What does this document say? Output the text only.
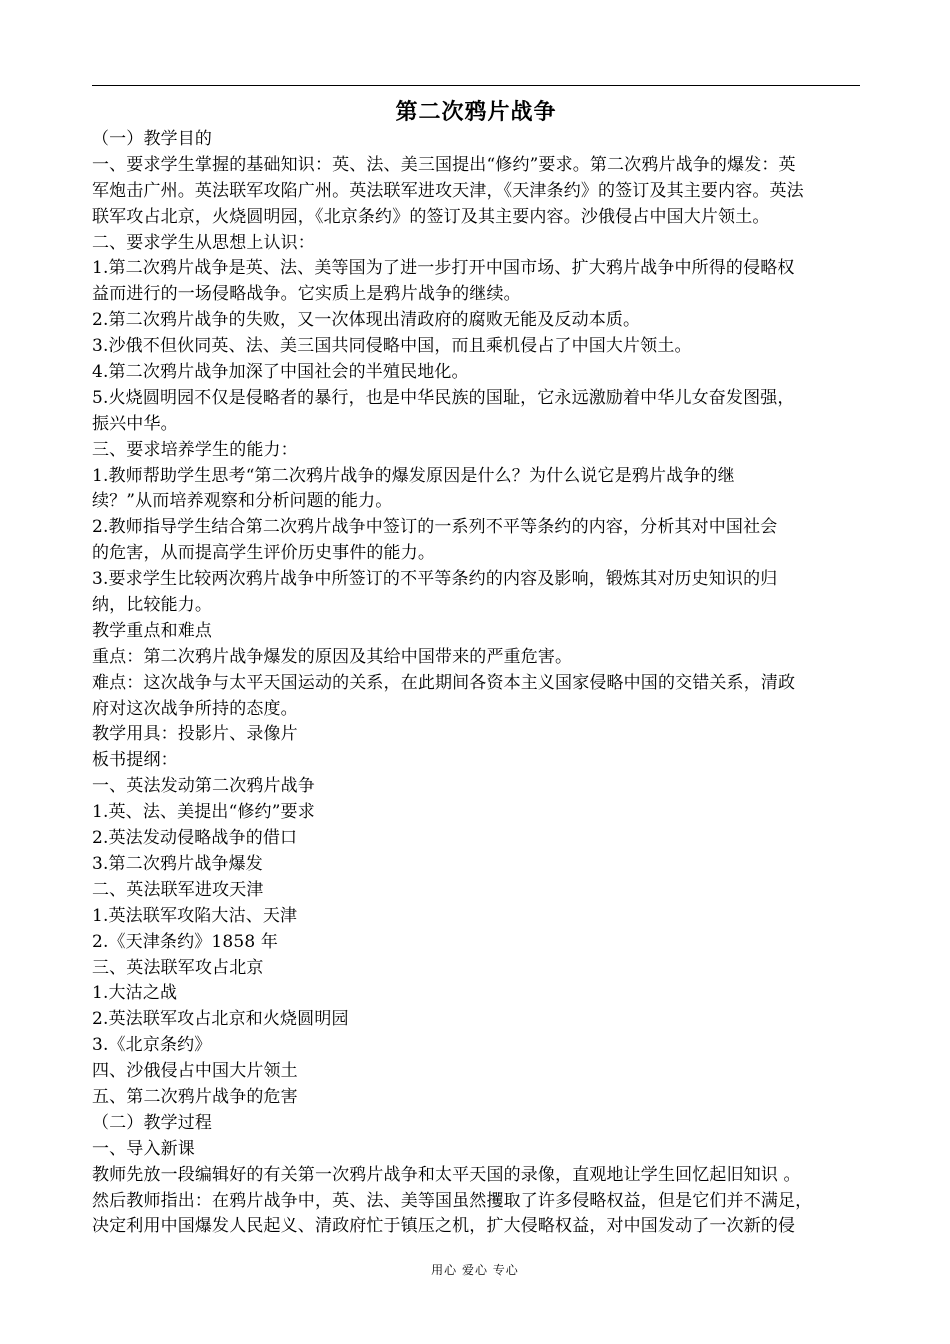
第二次鸦片战争
（一）教学目的
一、要求学生掌握的基础知识：英、法、美三国提出“修约”要求。第二次鸦片战争的爆发：英
军炮击广州。英法联军攻陷广州。英法联军进攻天津，《天津条约》的签订及其主要内容。英法
联军攻占北京，火烧圆明园，《北京条约》的签订及其主要内容。沙俄侵占中国大片领土。
二、要求学生从思想上认识：
1.第二次鸦片战争是英、法、美等国为了进一步打开中国市场、扩大鸦片战争中所得的侵略权
益而进行的一场侵略战争。它实质上是鸦片战争的继续。
2.第二次鸦片战争的失败，又一次体现出清政府的腐败无能及反动本质。
3.沙俄不但伙同英、法、美三国共同侵略中国，而且乘机侵占了中国大片领土。
4.第二次鸦片战争加深了中国社会的半殖民地化。
5.火烧圆明园不仅是侵略者的暴行，也是中华民族的国耻，它永远激励着中华儿女奋发图强，
振兴中华。
三、要求培养学生的能力：
1.教师帮助学生思考“第二次鸦片战争的爆发原因是什么？为什么说它是鸦片战争的继
续？”从而培养观察和分析问题的能力。
2.教师指导学生结合第二次鸦片战争中签订的一系列不平等条约的内容，分析其对中国社会
的危害，从而提高学生评价历史事件的能力。
3.要求学生比较两次鸦片战争中所签订的不平等条约的内容及影响，锻炼其对历史知识的归
纳，比较能力。
教学重点和难点
重点：第二次鸦片战争爆发的原因及其给中国带来的严重危害。
难点：这次战争与太平天国运动的关系，在此期间各资本主义国家侵略中国的交错关系，清政
府对这次战争所持的态度。
教学用具：投影片、录像片
板书提纲：
一、英法发动第二次鸦片战争
1.英、法、美提出“修约”要求
2.英法发动侵略战争的借口
3.第二次鸦片战争爆发
二、英法联军进攻天津
1.英法联军攻陷大沽、天津
2.《天津条约》1858 年
三、英法联军攻占北京
1.大沽之战
2.英法联军攻占北京和火烧圆明园
3.《北京条约》
四、沙俄侵占中国大片领土
五、第二次鸦片战争的危害
（二）教学过程
一、导入新课
教师先放一段编辑好的有关第一次鸦片战争和太平天国的录像，直观地让学生回忆起旧知识 。
然后教师指出：在鸦片战争中，英、法、美等国虽然攫取了许多侵略权益，但是它们并不满足，
决定利用中国爆发人民起义、清政府忙于镇压之机，扩大侵略权益，对中国发动了一次新的侵
用心 爱心 专心
